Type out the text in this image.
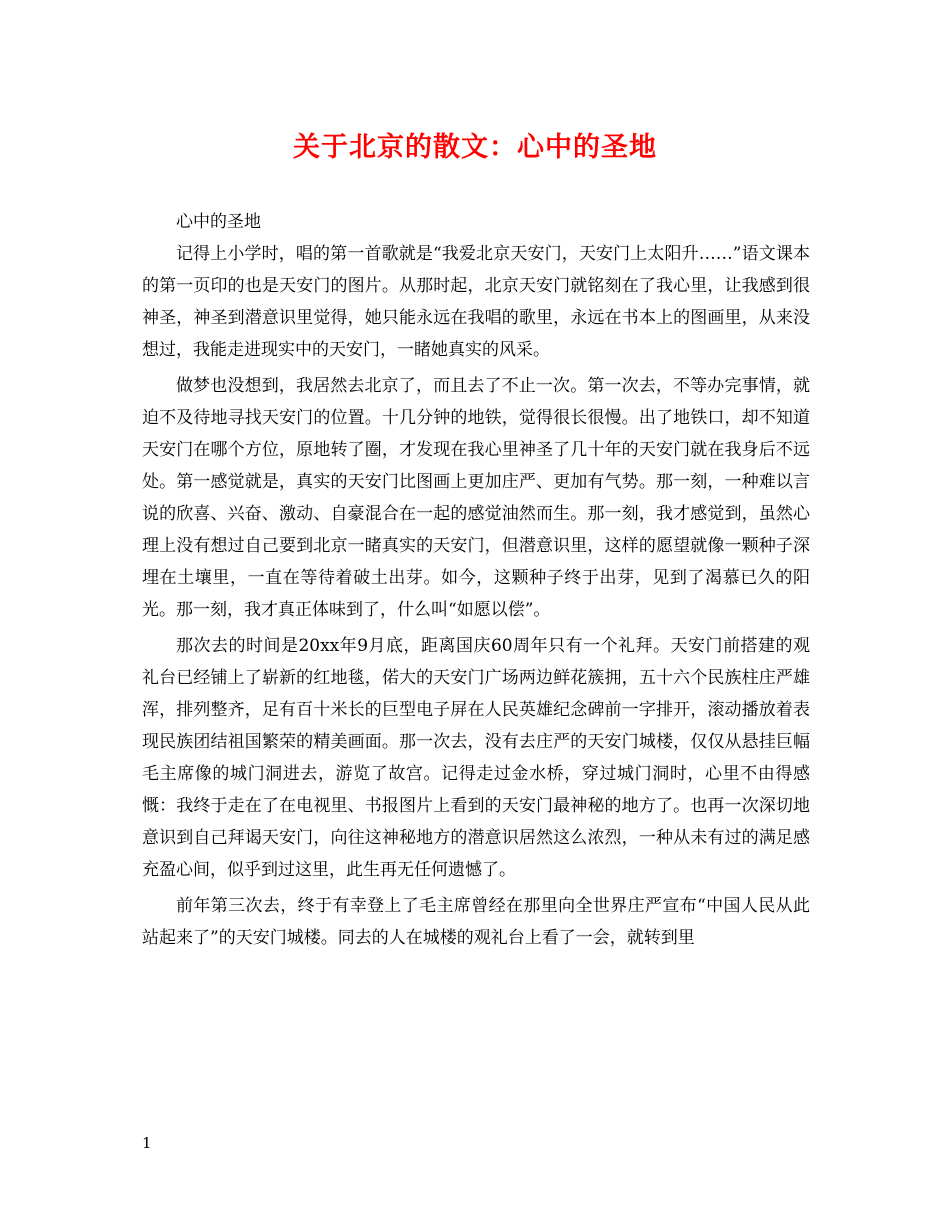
关于北京的散文：心中的圣地

心中的圣地

记得上小学时，唱的第一首歌就是“我爱北京天安门，天安门上太阳升……”语文课本的第一页印的也是天安门的图片。从那时起，北京天安门就铭刻在了我心里，让我感到很神圣，神圣到潜意识里觉得，她只能永远在我唱的歌里，永远在书本上的图画里，从来没想过，我能走进现实中的天安门，一睹她真实的风采。

做梦也没想到，我居然去北京了，而且去了不止一次。第一次去，不等办完事情，就迫不及待地寻找天安门的位置。十几分钟的地铁，觉得很长很慢。出了地铁口，却不知道天安门在哪个方位，原地转了圈，才发现在我心里神圣了几十年的天安门就在我身后不远处。第一感觉就是，真实的天安门比图画上更加庄严、更加有气势。那一刻，一种难以言说的欣喜、兴奋、激动、自豪混合在一起的感觉油然而生。那一刻，我才感觉到，虽然心理上没有想过自己要到北京一睹真实的天安门，但潜意识里，这样的愿望就像一颗种子深埋在土壤里，一直在等待着破土出芽。如今，这颗种子终于出芽，见到了渴慕已久的阳光。那一刻，我才真正体味到了，什么叫“如愿以偿”。

那次去的时间是20xx年9月底，距离国庆60周年只有一个礼拜。天安门前搭建的观礼台已经铺上了崭新的红地毯，偌大的天安门广场两边鲜花簇拥，五十六个民族柱庄严雄浑，排列整齐，足有百十米长的巨型电子屏在人民英雄纪念碑前一字排开，滚动播放着表现民族团结祖国繁荣的精美画面。那一次去，没有去庄严的天安门城楼，仅仅从悬挂巨幅毛主席像的城门洞进去，游览了故宫。记得走过金水桥，穿过城门洞时，心里不由得感慨：我终于走在了在电视里、书报图片上看到的天安门最神秘的地方了。也再一次深切地意识到自己拜谒天安门，向往这神秘地方的潜意识居然这么浓烈，一种从未有过的满足感充盈心间，似乎到过这里，此生再无任何遗憾了。

前年第三次去，终于有幸登上了毛主席曾经在那里向全世界庄严宣布“中国人民从此站起来了”的天安门城楼。同去的人在城楼的观礼台上看了一会，就转到里

1
